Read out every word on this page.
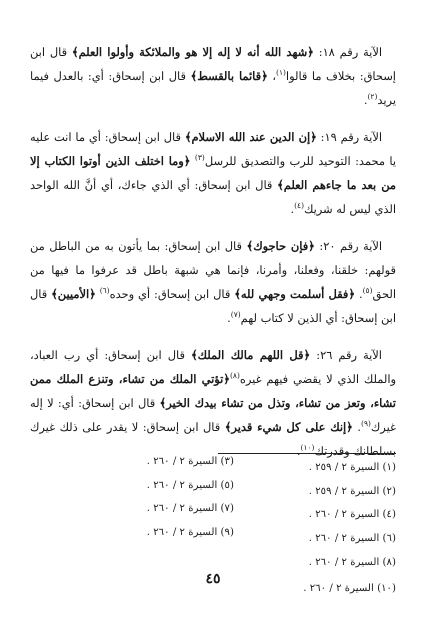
الآية رقم ١٨: ﴿شهد الله أنه لا إله إلا هو والملائكة وأولوا العلم﴾ قال ابن إسحاق: بخلاف ما قالوا$^{(١)}$، ﴿قائما بالقسط﴾ قال ابن إسحاق: أي: بالعدل فيما يريد$^{(٢)}$.

الآية رقم ١٩: ﴿إن الدين عند الله الاسلام﴾ قال ابن إسحاق: أي ما انت عليه يا محمد: التوحيد للرب والتصديق للرسل$^{(٣)}$ ﴿وما اختلف الذين أوتوا الكتاب إلا من بعد ما جاءهم العلم﴾ قال ابن إسحاق: أي الذي جاءك، أي أنَّ الله الواحد الذي ليس له شريك$^{(٤)}$.

الآية رقم ٢٠: ﴿فإن حاجوك﴾ قال ابن إسحاق: بما يأتون به من الباطل من قولهم: خلقنا، وفعلنا، وأمرنا، فإنما هي شبهة باطل قد عرفوا ما فيها من الحق$^{(٥)}$. ﴿فقل أسلمت وجهي لله﴾ قال ابن إسحاق: أي وحده$^{(٦)}$ ﴿الأميين﴾ قال ابن إسحاق: أي الذين لا كتاب لهم$^{(٧)}$.

الآية رقم ٢٦: ﴿قل اللهم مالك الملك﴾ قال ابن إسحاق: أي رب العباد، والملك الذي لا يقضي فيهم غيره$^{(٨)}$﴿تؤتي الملك من تشاء، وتنزع الملك ممن تشاء، وتعز من تشاء، وتذل من تشاء بيدك الخير﴾ قال ابن إسحاق: أي: لا إله غيرك$^{(٩)}$. ﴿إنك على كل شيء قدير﴾ قال ابن إسحاق: لا يقدر على ذلك غيرك بسلطانك وقدرتك$^{(١٠)}$.

(١) السيرة ٢ / ٢٥٩ .
(٢) السيرة ٢ / ٢٥٩ .
(٣) السيرة ٢ / ٢٦٠ .
(٤) السيرة ٢ / ٢٦٠ .
(٥) السيرة ٢ / ٢٦٠ .
(٦) السيرة ٢ / ٢٦٠ .
(٧) السيرة ٢ / ٢٦٠ .
(٨) السيرة ٢ / ٢٦٠ .
(٩) السيرة ٢ / ٢٦٠ .
(١٠) السيرة ٢ / ٢٦٠ .
٤٥
